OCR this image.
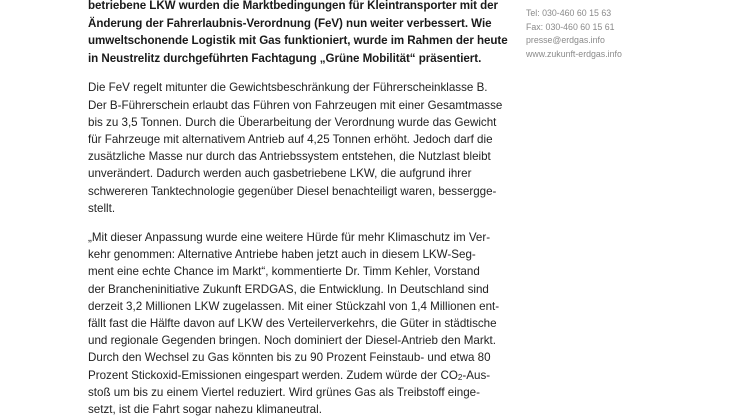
betriebene LKW wurden die Marktbedingungen für Kleintransporter mit der

Änderung der Fahrerlaubnis-Verordnung (FeV) nun weiter verbessert. Wie

umweltschonende Logistik mit Gas funktioniert, wurde im Rahmen der heute

in Neustrelitz durchgeführten Fachtagung „Grüne Mobilität“ präsentiert.

Die FeV regelt mitunter die Gewichtsbeschränkung der Führerscheinklasse B.

Der B-Führerschein erlaubt das Führen von Fahrzeugen mit einer Gesamtmasse

bis zu 3,5 Tonnen. Durch die Überarbeitung der Verordnung wurde das Gewicht

für Fahrzeuge mit alternativem Antrieb auf 4,25 Tonnen erhöht. Jedoch darf die

zusätzliche Masse nur durch das Antriebssystem entstehen, die Nutzlast bleibt

unverändert. Dadurch werden auch gasbetriebene LKW, die aufgrund ihrer

schwereren Tanktechnologie gegenüber Diesel benachteiligt waren, bessergge-

stellt.

„Mit dieser Anpassung wurde eine weitere Hürde für mehr Klimaschutz im Ver-

kehr genommen: Alternative Antriebe haben jetzt auch in diesem LKW-Seg-

ment eine echte Chance im Markt“, kommentierte Dr. Timm Kehler, Vorstand

der Brancheninitiative Zukunft ERDGAS, die Entwicklung. In Deutschland sind

derzeit 3,2 Millionen LKW zugelassen. Mit einer Stückzahl von 1,4 Millionen ent-

fällt fast die Hälfte davon auf LKW des Verteilerverkehrs, die Güter in städtische

und regionale Gegenden bringen. Noch dominiert der Diesel-Antrieb den Markt.

Durch den Wechsel zu Gas könnten bis zu 90 Prozent Feinstaub- und etwa 80

Prozent Stickoxid-Emissionen eingespart werden. Zudem würde der $CO_2-Aus-$

stoß um bis zu einem Viertel reduziert. Wird grünes Gas als Treibstoff einge-

setzt, ist die Fahrt sogar nahezu klimaneutral.

Tel: 030-460 60 15 63

Fax: 030-460 60 15 61

presse@erdgas.info

www.zukunft-erdgas.info
